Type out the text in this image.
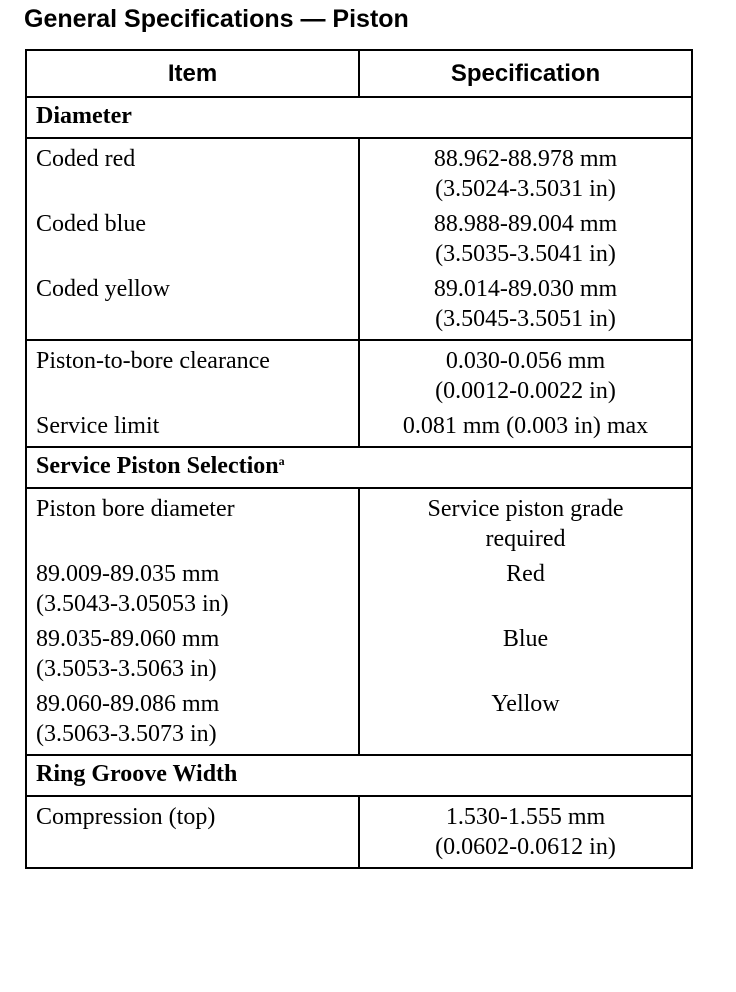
General Specifications — Piston
Item	Specification
Diameter	

Coded red	88.962-88.978 mm
(3.5024-3.5031 in)

Coded blue	88.988-89.004 mm
(3.5035-3.5041 in)

Coded yellow	89.014-89.030 mm
(3.5045-3.5051 in)

Piston-to-bore clearance	0.030-0.056 mm
(0.0012-0.0022 in)

Service limit	0.081 mm (0.003 in) max

Service Piston Selection$^a$

Piston bore diameter	Service piston grade
required

89.009-89.035 mm
(3.5043-3.05053 in)	Red

89.035-89.060 mm
(3.5053-3.5063 in)	Blue

89.060-89.086 mm
(3.5063-3.5073 in)	Yellow

Ring Groove Width	

Compression (top)	1.530-1.555 mm
(0.0602-0.0612 in)
